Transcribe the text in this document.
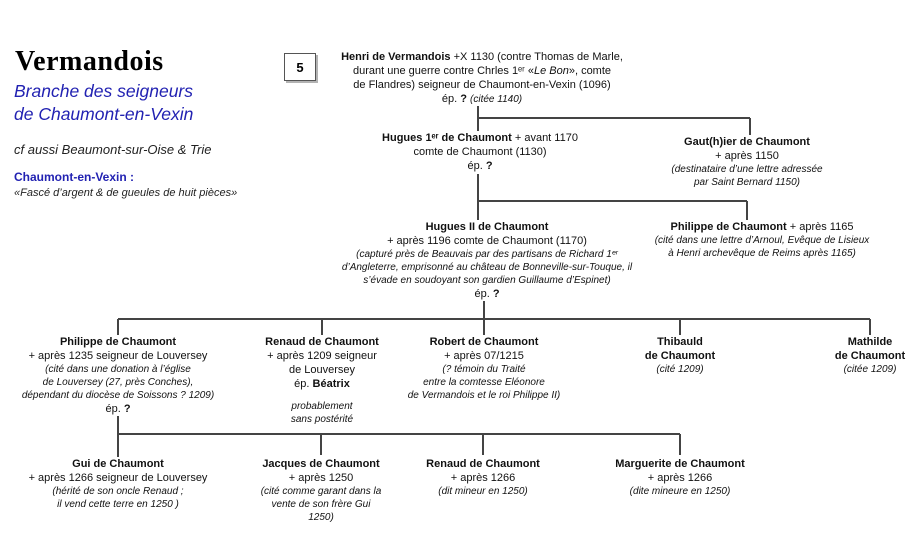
Vermandois
Branche des seigneurs
de Chaumont-en-Vexin
cf aussi Beaumont-sur-Oise & Trie
Chaumont-en-Vexin :
«Fascé d’argent & de gueules de huit pièces»
5
Henri de Vermandois +X 1130 (contre Thomas de Marle,
durant une guerre contre Chrles 1ᵉʳ «Le Bon», comte
de Flandres) seigneur de Chaumont-en-Vexin (1096)
ép. ? (citée 1140)
Hugues 1ᵉʳ de Chaumont + avant 1170
comte de Chaumont (1130)
ép. ?
Gaut(h)ier de Chaumont
+ après 1150
(destinataire d’une lettre adressée
par Saint Bernard 1150)
Hugues II de Chaumont
+ après 1196 comte de Chaumont (1170)
(capturé près de Beauvais par des partisans de Richard 1ᵉʳ
d’Angleterre, emprisonné au château de Bonneville-sur-Touque, il
s’évade en soudoyant son gardien Guillaume d’Espinet)
ép. ?
Philippe de Chaumont + après 1165
(cité dans une lettre d’Arnoul, Evêque de Lisieux
à Henri archevêque de Reims après 1165)
Philippe de Chaumont
+ après 1235 seigneur de Louversey
(cité dans une donation à l’église
de Louversey (27, près Conches),
dépendant du diocèse de Soissons ? 1209)
ép. ?
Renaud de Chaumont
+ après 1209 seigneur
de Louversey
ép. Béatrix
probablement
sans postérité
Robert de Chaumont
+ après 07/1215
(? témoin du Traité
entre la comtesse Eléonore
de Vermandois et le roi Philippe II)
Thibauld
de Chaumont
(cité 1209)
Mathilde
de Chaumont
(citée 1209)
Gui de Chaumont
+ après 1266 seigneur de Louversey
(hérité de son oncle Renaud ;
il vend cette terre en 1250 )
Jacques de Chaumont
+ après 1250
(cité comme garant dans la
vente de son frère Gui
1250)
Renaud de Chaumont
+ après 1266
(dit mineur en 1250)
Marguerite de Chaumont
+ après 1266
(dite mineure en 1250)
